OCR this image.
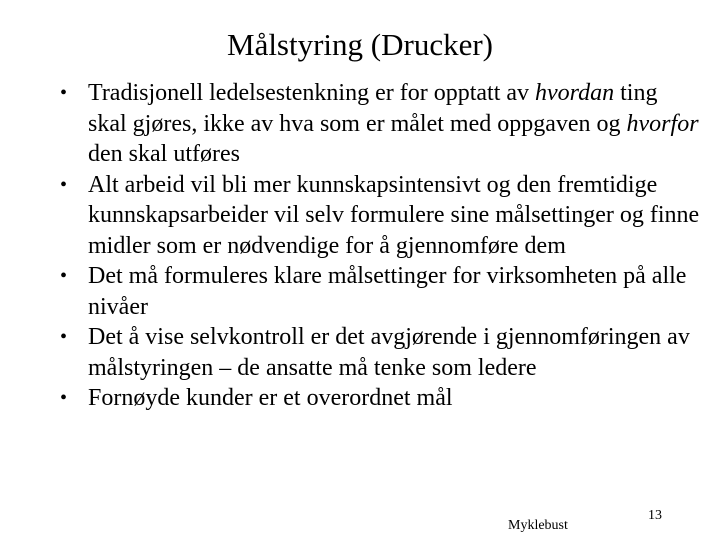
Målstyring (Drucker)
• Tradisjonell ledelsestenkning er for opptatt av hvordan ting skal gjøres, ikke av hva som er målet med oppgaven og hvorfor den skal utføres
• Alt arbeid vil bli mer kunnskapsintensivt og den fremtidige kunnskapsarbeider vil selv formulere sine målsettinger og finne midler som er nødvendige for å gjennomføre dem
• Det må formuleres klare målsettinger for virksomheten på alle nivåer
• Det å vise selvkontroll er det avgjørende i gjennomføringen av målstyringen – de ansatte må tenke som ledere
• Fornøyde kunder er et overordnet mål
Myklebust
13
